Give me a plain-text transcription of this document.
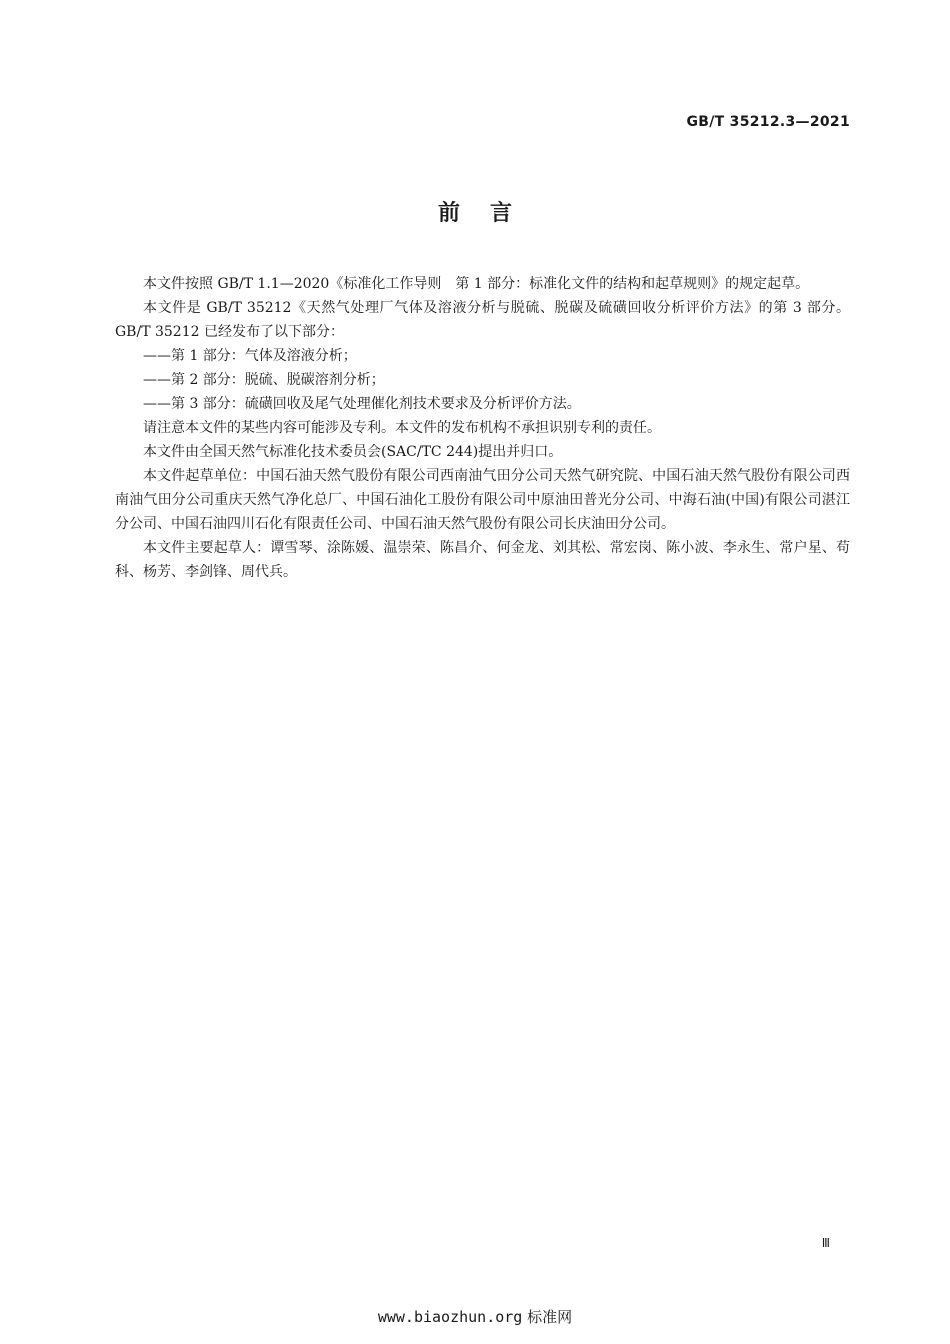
GB/T 35212.3—2021
前言

本文件按照 GB/T 1.1—2020《标准化工作导则　第 1 部分：标准化文件的结构和起草规则》的规定起草。

本文件是 GB/T 35212《天然气处理厂气体及溶液分析与脱硫、脱碳及硫磺回收分析评价方法》的第 3 部分。GB/T 35212 已经发布了以下部分：

——第 1 部分：气体及溶液分析；

——第 2 部分：脱硫、脱碳溶剂分析；

——第 3 部分：硫磺回收及尾气处理催化剂技术要求及分析评价方法。

请注意本文件的某些内容可能涉及专利。本文件的发布机构不承担识别专利的责任。

本文件由全国天然气标准化技术委员会(SAC/TC 244)提出并归口。

本文件起草单位：中国石油天然气股份有限公司西南油气田分公司天然气研究院、中国石油天然气股份有限公司西南油气田分公司重庆天然气净化总厂、中国石油化工股份有限公司中原油田普光分公司、中海石油(中国)有限公司湛江分公司、中国石油四川石化有限责任公司、中国石油天然气股份有限公司长庆油田分公司。

本文件主要起草人：谭雪琴、涂陈媛、温崇荣、陈昌介、何金龙、刘其松、常宏岗、陈小波、李永生、常户星、苟科、杨芳、李剑锋、周代兵。

Ⅲ
www.biaozhun.org 标准网
